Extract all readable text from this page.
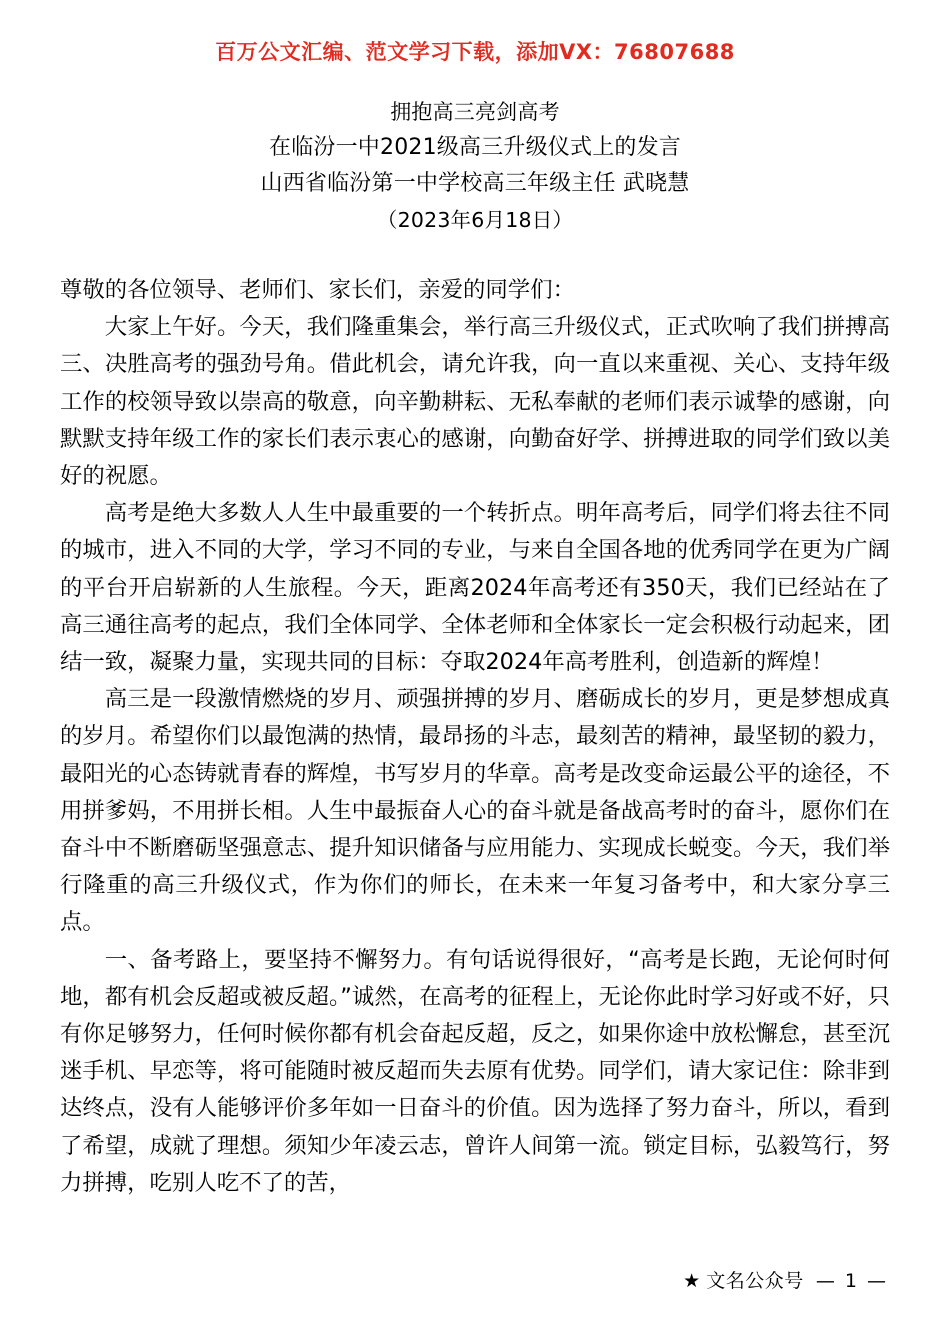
百万公文汇编、范文学习下载，添加VX：76807688
拥抱高三亮剑高考
在临汾一中2021级高三升级仪式上的发言
山西省临汾第一中学校高三年级主任 武晓慧
（2023年6月18日）

尊敬的各位领导、老师们、家长们，亲爱的同学们：

大家上午好。今天，我们隆重集会，举行高三升级仪式，正式吹响了我们拼搏高三、决胜高考的强劲号角。借此机会，请允许我，向一直以来重视、关心、支持年级工作的校领导致以崇高的敬意，向辛勤耕耘、无私奉献的老师们表示诚挚的感谢，向默默支持年级工作的家长们表示衷心的感谢，向勤奋好学、拼搏进取的同学们致以美好的祝愿。

高考是绝大多数人人生中最重要的一个转折点。明年高考后，同学们将去往不同的城市，进入不同的大学，学习不同的专业，与来自全国各地的优秀同学在更为广阔的平台开启崭新的人生旅程。今天，距离2024年高考还有350天，我们已经站在了高三通往高考的起点，我们全体同学、全体老师和全体家长一定会积极行动起来，团结一致，凝聚力量，实现共同的目标：夺取2024年高考胜利，创造新的辉煌！

高三是一段激情燃烧的岁月、顽强拼搏的岁月、磨砺成长的岁月，更是梦想成真的岁月。希望你们以最饱满的热情，最昂扬的斗志，最刻苦的精神，最坚韧的毅力，最阳光的心态铸就青春的辉煌，书写岁月的华章。高考是改变命运最公平的途径，不用拼爹妈，不用拼长相。人生中最振奋人心的奋斗就是备战高考时的奋斗，愿你们在奋斗中不断磨砺坚强意志、提升知识储备与应用能力、实现成长蜕变。今天，我们举行隆重的高三升级仪式，作为你们的师长，在未来一年复习备考中，和大家分享三点。

一、备考路上，要坚持不懈努力。有句话说得很好，“高考是长跑，无论何时何地，都有机会反超或被反超。”诚然，在高考的征程上，无论你此时学习好或不好，只有你足够努力，任何时候你都有机会奋起反超，反之，如果你途中放松懈怠，甚至沉迷手机、早恋等，将可能随时被反超而失去原有优势。同学们，请大家记住：除非到达终点，没有人能够评价多年如一日奋斗的价值。因为选择了努力奋斗，所以，看到了希望，成就了理想。须知少年凌云志，曾许人间第一流。锁定目标，弘毅笃行，努力拼搏，吃别人吃不了的苦，

★ 文名公众号 — 1 —
